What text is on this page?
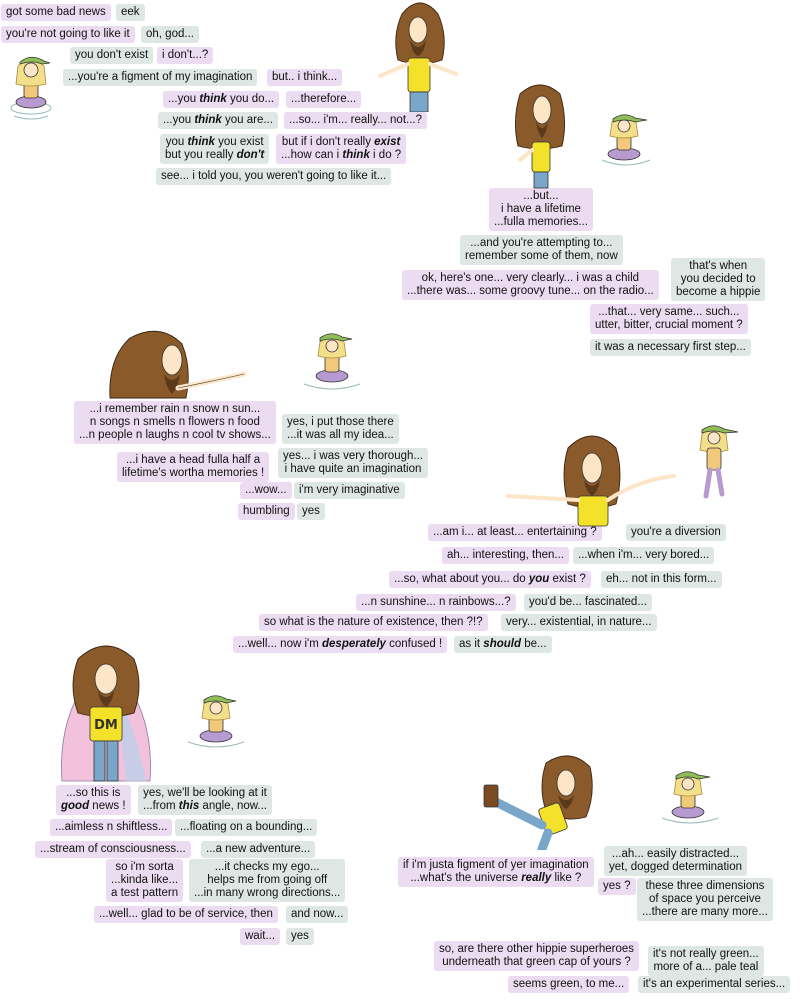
got some bad news eek
you're not going to like it oh, god...
you don't exist i don't...?
...you're a figment of my imagination but.. i think...
...you think you do... ...therefore...
...you think you are... ...so... i'm... really... not...?
you think you exist
but you really don't
but if i don't really exist
...how can i think i do ?
see... i told you, you weren't going to like it...
...but...
i have a lifetime
...fulla memories...
...and you're attempting to...
remember some of them, now
ok, here's one... very clearly... i was a child
...there was... some groovy tune... on the radio...
that's when
you decided to
become a hippie
...that... very same... such...
utter, bitter, crucial moment ?
it was a necessary first step...
...i remember rain n snow n sun...
n songs n smells n flowers n food
...n people n laughs n cool tv shows...
yes, i put those there
...it was all my idea...
...i have a head fulla half a
lifetime's wortha memories !
yes... i was very thorough...
i have quite an imagination
...wow... i'm very imaginative
humbling yes
...am i... at least... entertaining ?	you're a diversion
ah... interesting, then... ...when i'm... very bored...
...so, what about you... do you exist ? eh... not in this form...
...n sunshine... n rainbows...? you'd be... fascinated...
so what is the nature of existence, then ?!? very... existential, in nature...
...well... now i'm desperately confused ! as it should be...
...so this is
good news !
yes, we'll be looking at it
...from this angle, now...
...aimless n shiftless... ...floating on a bounding...
...stream of consciousness... ...a new adventure...
so i'm sorta
...kinda like...
a test pattern
...it checks my ego...
helps me from going off
...in many wrong directions...
...well... glad to be of service, then and now...
wait... yes
if i'm justa figment of yer imagination
...what's the universe really like ?
...ah... easily distracted...
yet, dogged determination
yes ?	these three dimensions
of space you perceive
...there are many more...
so, are there other hippie superheroes
underneath that green cap of yours ?
it's not really green...
more of a... pale teal
seems green, to me... it's an experimental series...
DM
